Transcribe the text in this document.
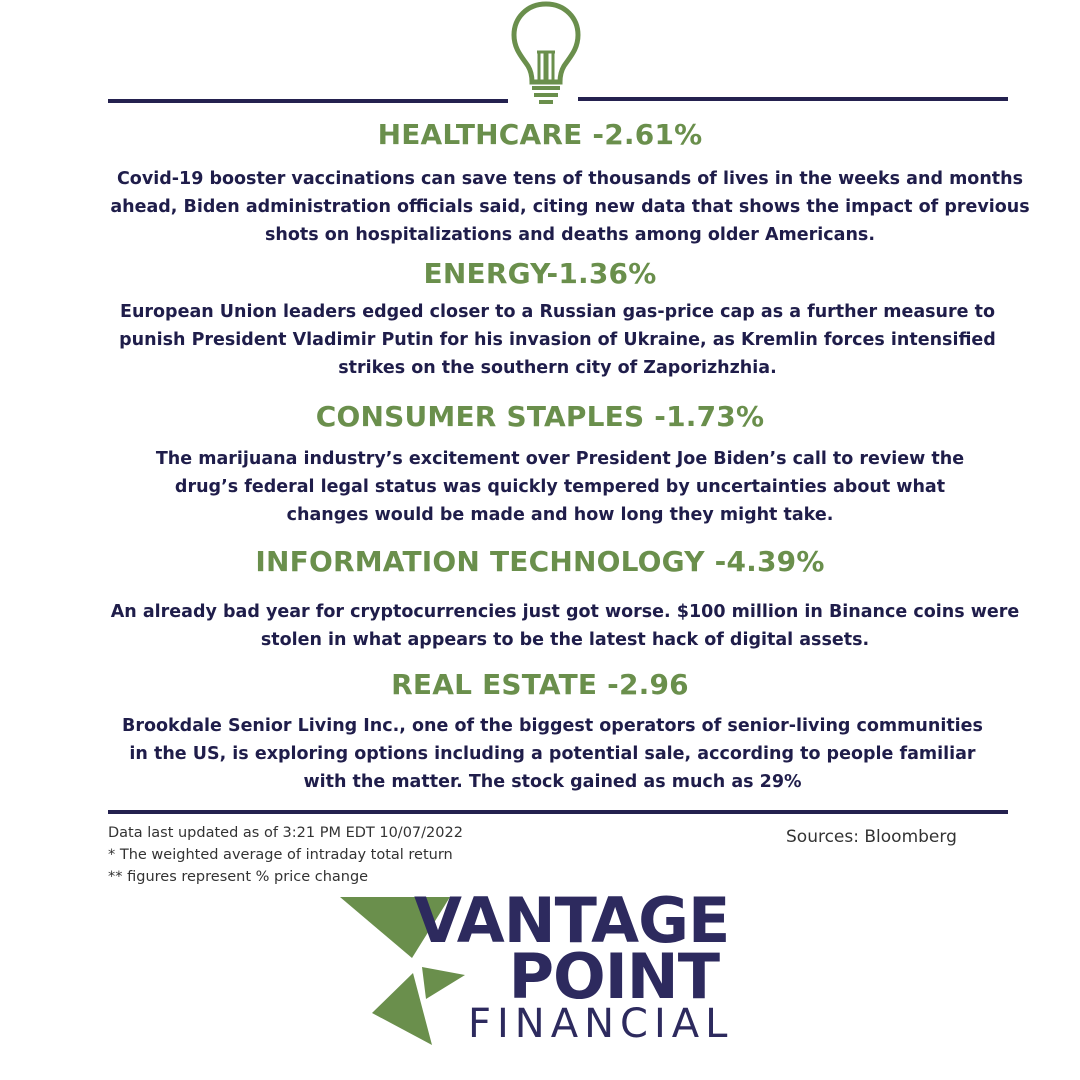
HEALTHCARE -2.61%
Covid-19 booster vaccinations can save tens of thousands of lives in the weeks and months ahead, Biden administration officials said, citing new data that shows the impact of previous shots on hospitalizations and deaths among older Americans.
ENERGY-1.36%
European Union leaders edged closer to a Russian gas-price cap as a further measure to punish President Vladimir Putin for his invasion of Ukraine, as Kremlin forces intensified strikes on the southern city of Zaporizhzhia.
CONSUMER STAPLES -1.73%
The marijuana industry’s excitement over President Joe Biden’s call to review the drug’s federal legal status was quickly tempered by uncertainties about what changes would be made and how long they might take.
INFORMATION TECHNOLOGY -4.39%
An already bad year for cryptocurrencies just got worse. $100 million in Binance coins were stolen in what appears to be the latest hack of digital assets.
REAL ESTATE -2.96
Brookdale Senior Living Inc., one of the biggest operators of senior-living communities in the US, is exploring options including a potential sale, according to people familiar with the matter. The stock gained as much as 29%
Data last updated as of 3:21 PM EDT 10/07/2022
* The weighted average of intraday total return
** figures represent % price change
Sources: Bloomberg
VANTAGE
POINT
FINANCIAL
